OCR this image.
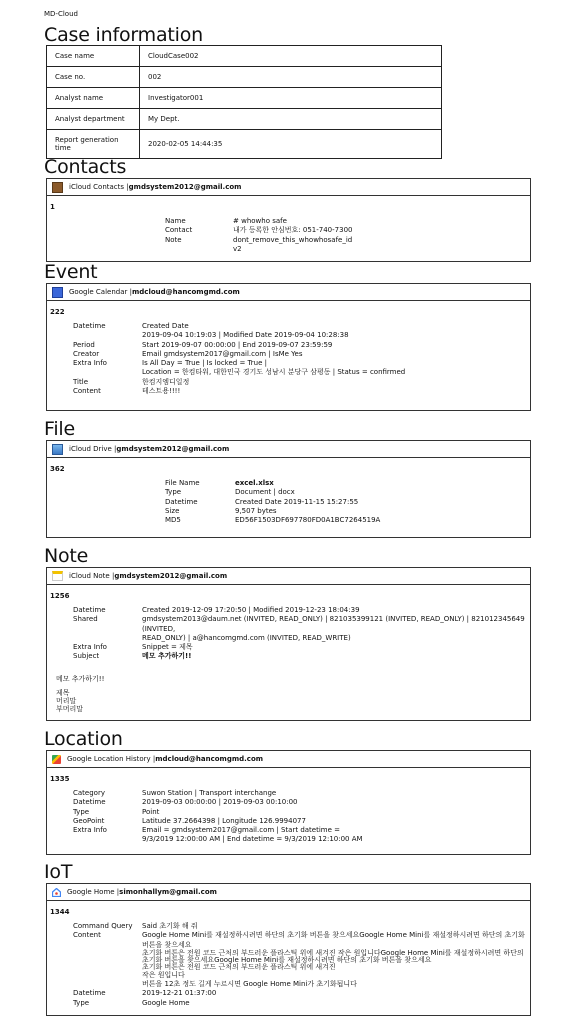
MD-Cloud
Case information
Case name	CloudCase002
Case no.	002
Analyst name	Investigator001
Analyst department	My Dept.
Report generation time	2020-02-05 14:44:35
Contacts
iCloud Contacts | gmdsystem2012@gmail.com
1
Name	# whowho safe
Contact	내가 등록한 안심번호: 051-740-7300
Note	dont_remove_this_whowhosafe_id
v2
Event
Google Calendar | mdcloud@hancomgmd.com
222
Datetime	Created Date
2019-09-04 10:19:03 | Modified Date 2019-09-04 10:28:38
Period	Start 2019-09-07 00:00:00 | End 2019-09-07 23:59:59
Creator	Email gmdsystem2017@gmail.com | IsMe Yes
Extra Info	Is All Day = True | Is locked = True |
Location = 한컴타워, 대한민국 경기도 성남시 분당구 삼평동 | Status = confirmed
Title	한컴지엠디일정
Content	테스트용!!!!
File
iCloud Drive | gmdsystem2012@gmail.com
362
File Name	excel.xlsx
Type	Document | docx
Datetime	Created Date 2019-11-15 15:27:55
Size	9,507 bytes
MD5	ED56F1503DF697780FD0A1BC7264519A
Note
iCloud Note | gmdsystem2012@gmail.com
1256
Datetime	Created 2019-12-09 17:20:50 | Modified 2019-12-23 18:04:39
Shared	gmdsystem2013@daum.net (INVITED, READ_ONLY) | 821035399121 (INVITED, READ_ONLY) | 821012345649
(INVITED,
READ_ONLY) | a@hancomgmd.com (INVITED, READ_WRITE)
Extra Info	Snippet = 제목
Subject	메모 추가하기!!
메모 추가하기!!
제목
머리말
부머리말
Location
Google Location History | mdcloud@hancomgmd.com
1335
Category	Suwon Station | Transport interchange
Datetime	2019-09-03 00:00:00 | 2019-09-03 00:10:00
Type	Point
GeoPoint	Latitude 37.2664398 | Longitude 126.9994077
Extra Info	Email = gmdsystem2017@gmail.com | Start datetime =
9/3/2019 12:00:00 AM | End datetime = 9/3/2019 12:10:00 AM
IoT
Google Home | simonhallym@gmail.com
1344
Command Query	Said 초기화 해 줘
Content	Google Home Mini를 재설정하시려면 하단의 초기화 버튼을 찾으세요Google Home Mini를 재설정하시려면 하단의 초기화
버튼을 찾으세요
초기화 버튼은 전원 코드 근처의 부드러운 플라스틱 위에 새겨진 작은 원입니다Google Home Mini를 재설정하시려면 하단의
초기화 버튼을 찾으세요Google Home Mini를 재설정하시려면 하단의 초기화 버튼을 찾으세요
초기화 버튼은 전원 코드 근처의 부드러운 플라스틱 위에 새겨진
작은 원입니다
버튼을 12초 정도 길게 누르시면 Google Home Mini가 초기화됩니다
Datetime	2019-12-21 01:37:00
Type	Google Home
